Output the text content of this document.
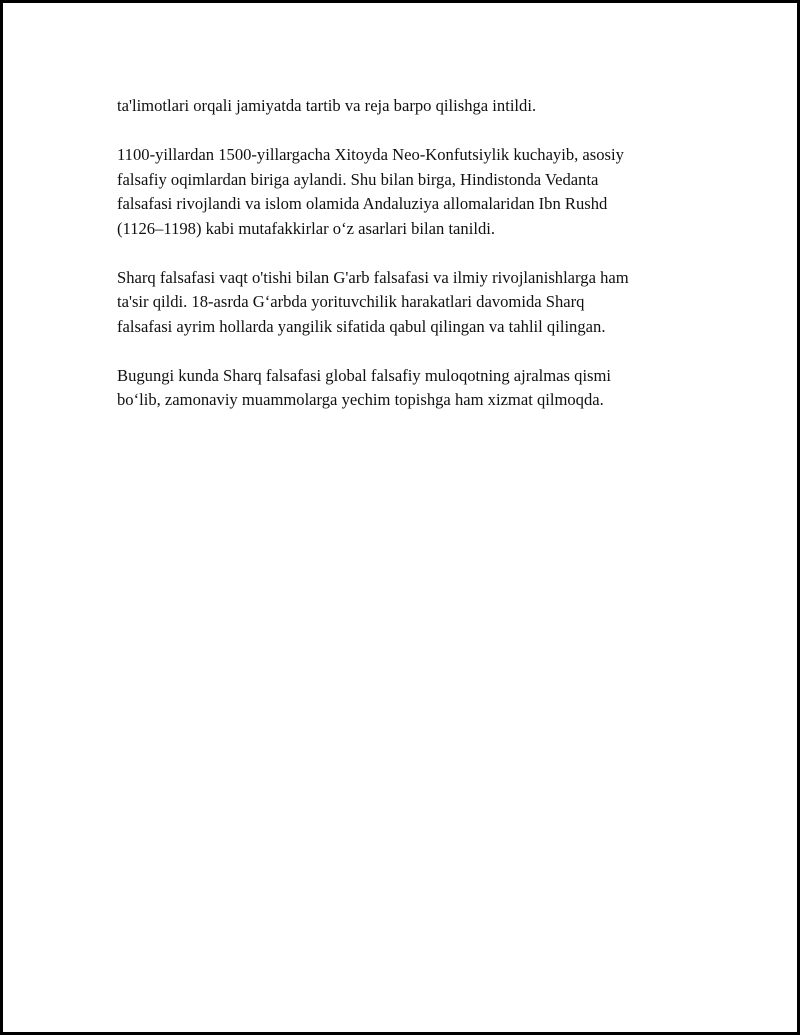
ta'limotlari orqali jamiyatda tartib va reja barpo qilishga intildi.

1100-yillardan 1500-yillargacha Xitoyda Neo-Konfutsiylik kuchayib, asosiy
falsafiy oqimlardan biriga aylandi. Shu bilan birga, Hindistonda Vedanta
falsafasi rivojlandi va islom olamida Andaluziya allomalaridan Ibn Rushd
(1126–1198) kabi mutafakkirlar o‘z asarlari bilan tanildi.

Sharq falsafasi vaqt o'tishi bilan G'arb falsafasi va ilmiy rivojlanishlarga ham
ta'sir qildi. 18-asrda G‘arbda yorituvchilik harakatlari davomida Sharq
falsafasi ayrim hollarda yangilik sifatida qabul qilingan va tahlil qilingan.

Bugungi kunda Sharq falsafasi global falsafiy muloqotning ajralmas qismi
bo‘lib, zamonaviy muammolarga yechim topishga ham xizmat qilmoqda.
